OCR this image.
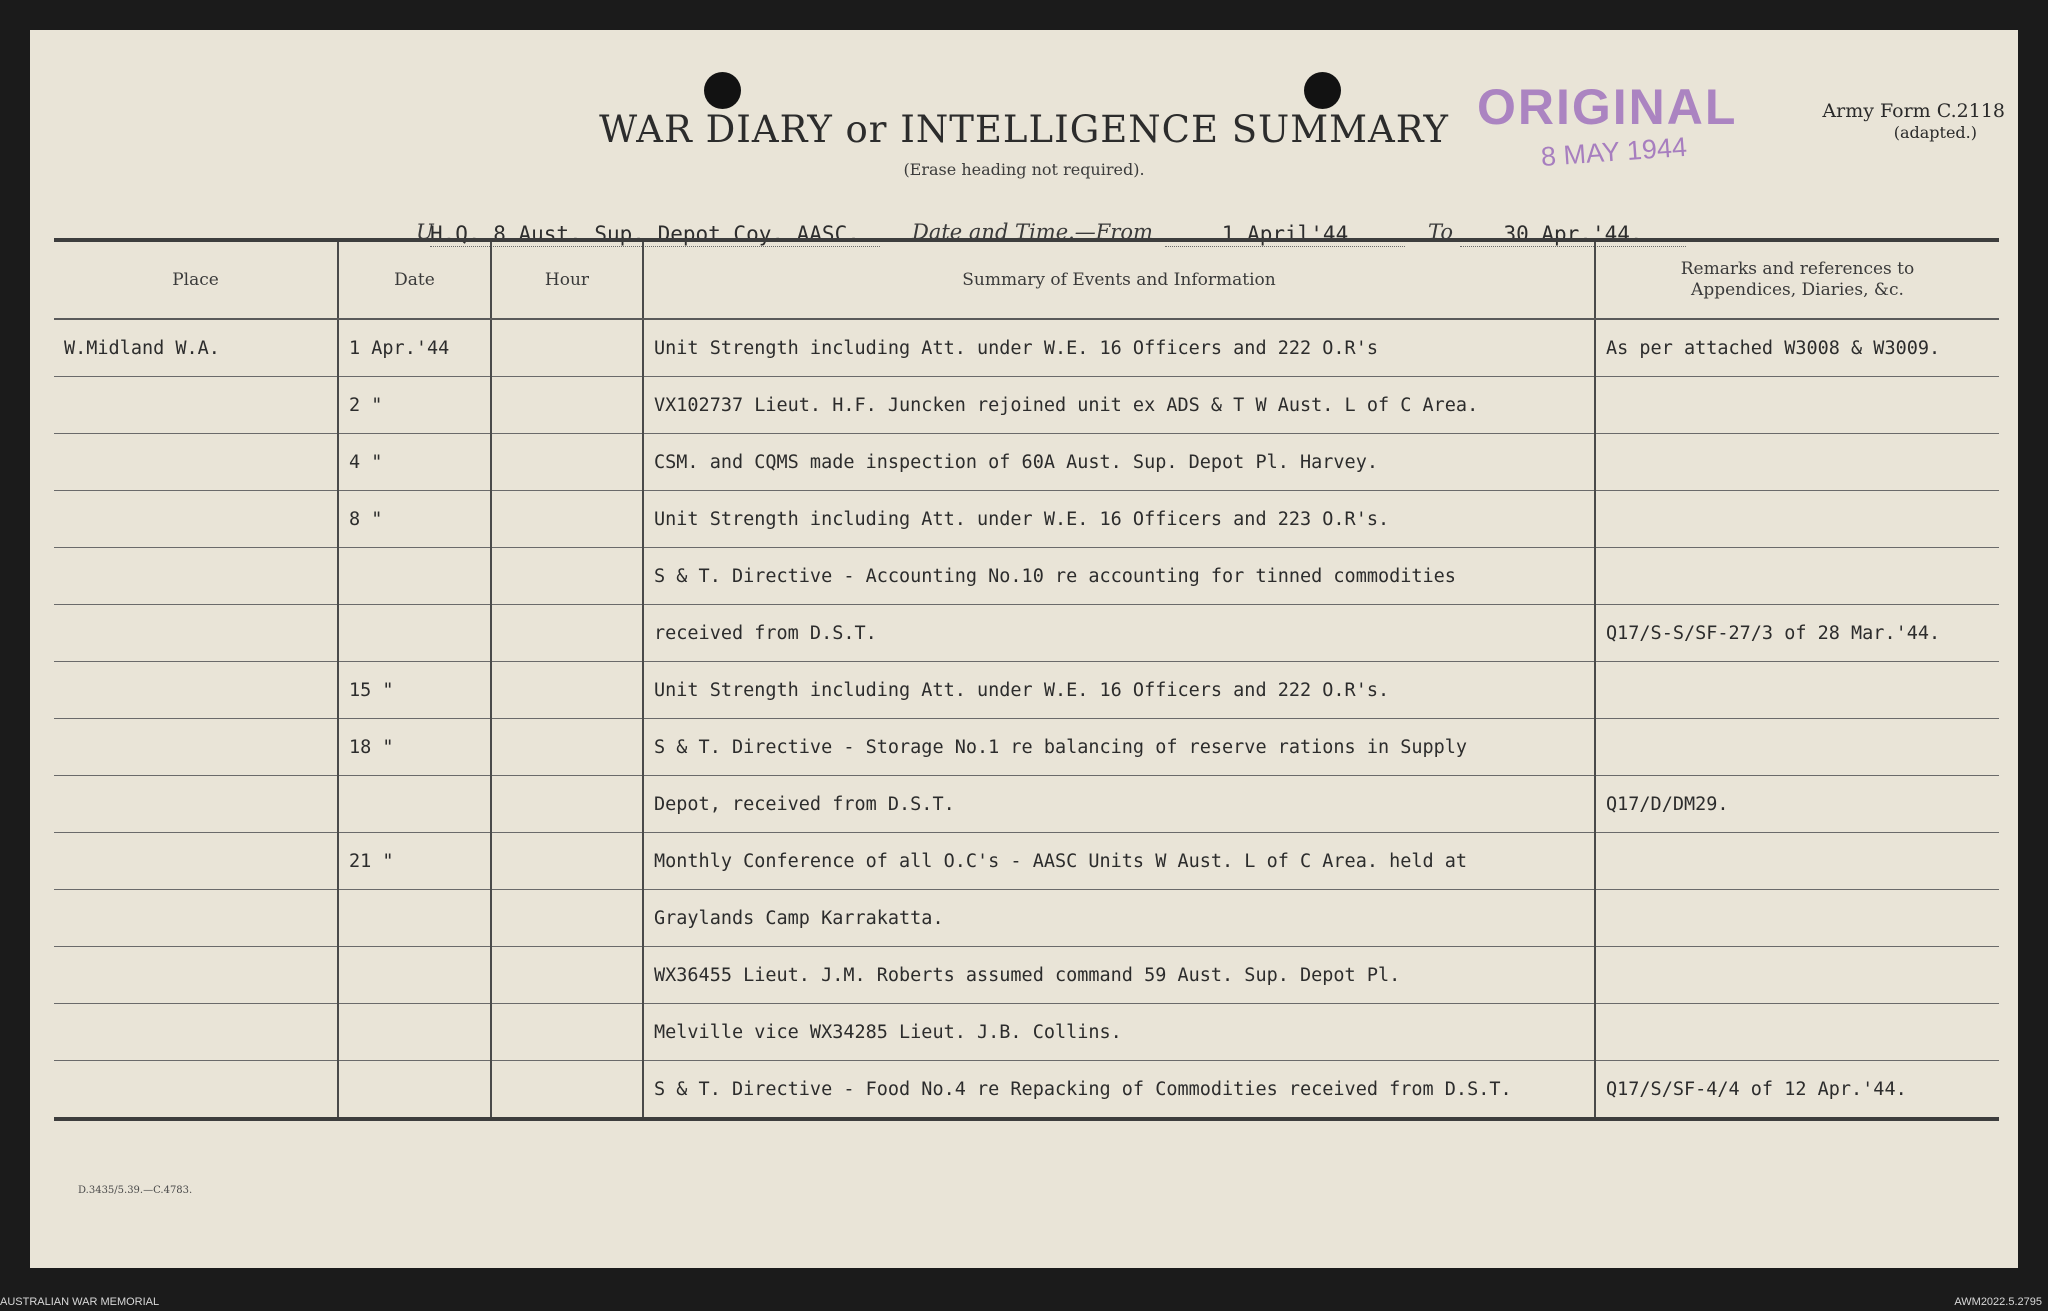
WAR DIARY or INTELLIGENCE SUMMARY
(Erase heading not required).
ORIGINAL
8 MAY 1944
Army Form C.2118
(adapted.)
U
H.Q. 8 Aust. Sup. Depot Coy. AASC.	Date and Time.—From	1 April'44	To	30 Apr.'44.
Place	Date	Hour	Summary of Events and Information	Remarks and references to
Appendices, Diaries, &c.
W.Midland W.A.	1 Apr.'44		Unit Strength including Att. under W.E. 16 Officers and 222 O.R's	As per attached W3008 & W3009.
	2 "		VX102737 Lieut. H.F. Juncken rejoined unit ex ADS & T W Aust. L of C Area.	
	4 "		CSM. and CQMS made inspection of 60A Aust. Sup. Depot Pl. Harvey.	
	8 "		Unit Strength including Att. under W.E. 16 Officers and 223 O.R's.	
			S & T. Directive - Accounting No.10 re accounting for tinned commodities	
			received from D.S.T.	Q17/S-S/SF-27/3 of 28 Mar.'44.
	15 "		Unit Strength including Att. under W.E. 16 Officers and 222 O.R's.	
	18 "		S & T. Directive - Storage No.1 re balancing of reserve rations in Supply	
			Depot, received from D.S.T.	Q17/D/DM29.
	21 "		Monthly Conference of all O.C's - AASC Units W Aust. L of C Area. held at	
			Graylands Camp Karrakatta.	
			WX36455 Lieut. J.M. Roberts assumed command 59 Aust. Sup. Depot Pl.	
			Melville vice WX34285 Lieut. J.B. Collins.	
			S & T. Directive - Food No.4 re Repacking of Commodities received from D.S.T.	Q17/S/SF-4/4 of 12 Apr.'44.
D.3435/5.39.—C.4783.
AUSTRALIAN WAR MEMORIAL	AWM2022.5.2795
